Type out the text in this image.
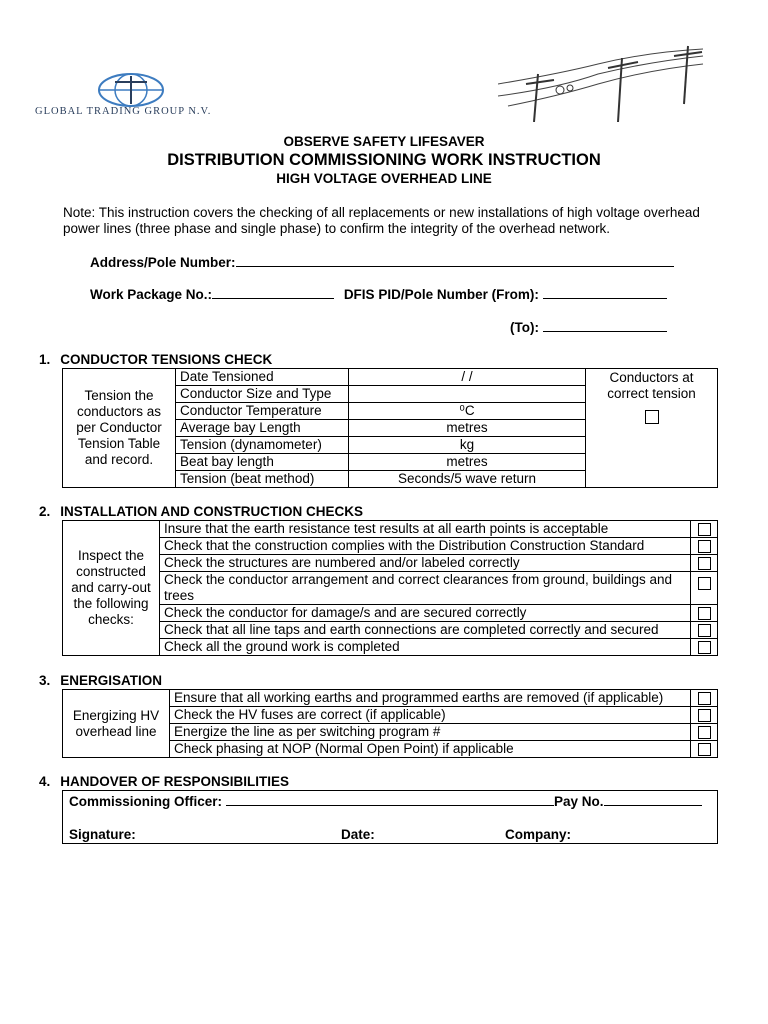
GLOBAL TRADING GROUP N.V.
OBSERVE SAFETY LIFESAVER
DISTRIBUTION COMMISSIONING WORK INSTRUCTION
HIGH VOLTAGE OVERHEAD LINE
Note: This instruction covers the checking of all replacements or new installations of high voltage overhead power lines (three phase and single phase) to confirm the integrity of the overhead network.
Address/Pole Number:
Work Package No.:	DFIS PID/Pole Number (From):
(To):
1. CONDUCTOR TENSIONS CHECK
Tension the conductors as per Conductor Tension Table and record.	Date Tensioned	/ /	Conductors at correct tension

	Conductor Size and Type		
	Conductor Temperature	⁰C	
	Average bay Length	metres	
	Tension (dynamometer)	kg	
	Beat bay length	metres	
	Tension (beat method)	Seconds/5 wave return	
2. INSTALLATION AND CONSTRUCTION CHECKS
Inspect the constructed and carry-out the following checks:	Insure that the earth resistance test results at all earth points is acceptable	
	Check that the construction complies with the Distribution Construction Standard	
	Check the structures are numbered and/or labeled correctly	
	Check the conductor arrangement and correct clearances from ground, buildings and trees	
	Check the conductor for damage/s and are secured correctly	
	Check that all line taps and earth connections are completed correctly and secured	
	Check all the ground work is completed	
3. ENERGISATION
Energizing HV overhead line	Ensure that all working earths and programmed earths are removed (if applicable)	
	Check the HV fuses are correct (if applicable)	
	Energize the line as per switching program #	
	Check phasing at NOP (Normal Open Point) if applicable	
4. HANDOVER OF RESPONSIBILITIES
Commissioning Officer:	Pay No.
Signature:	Date:	Company:
